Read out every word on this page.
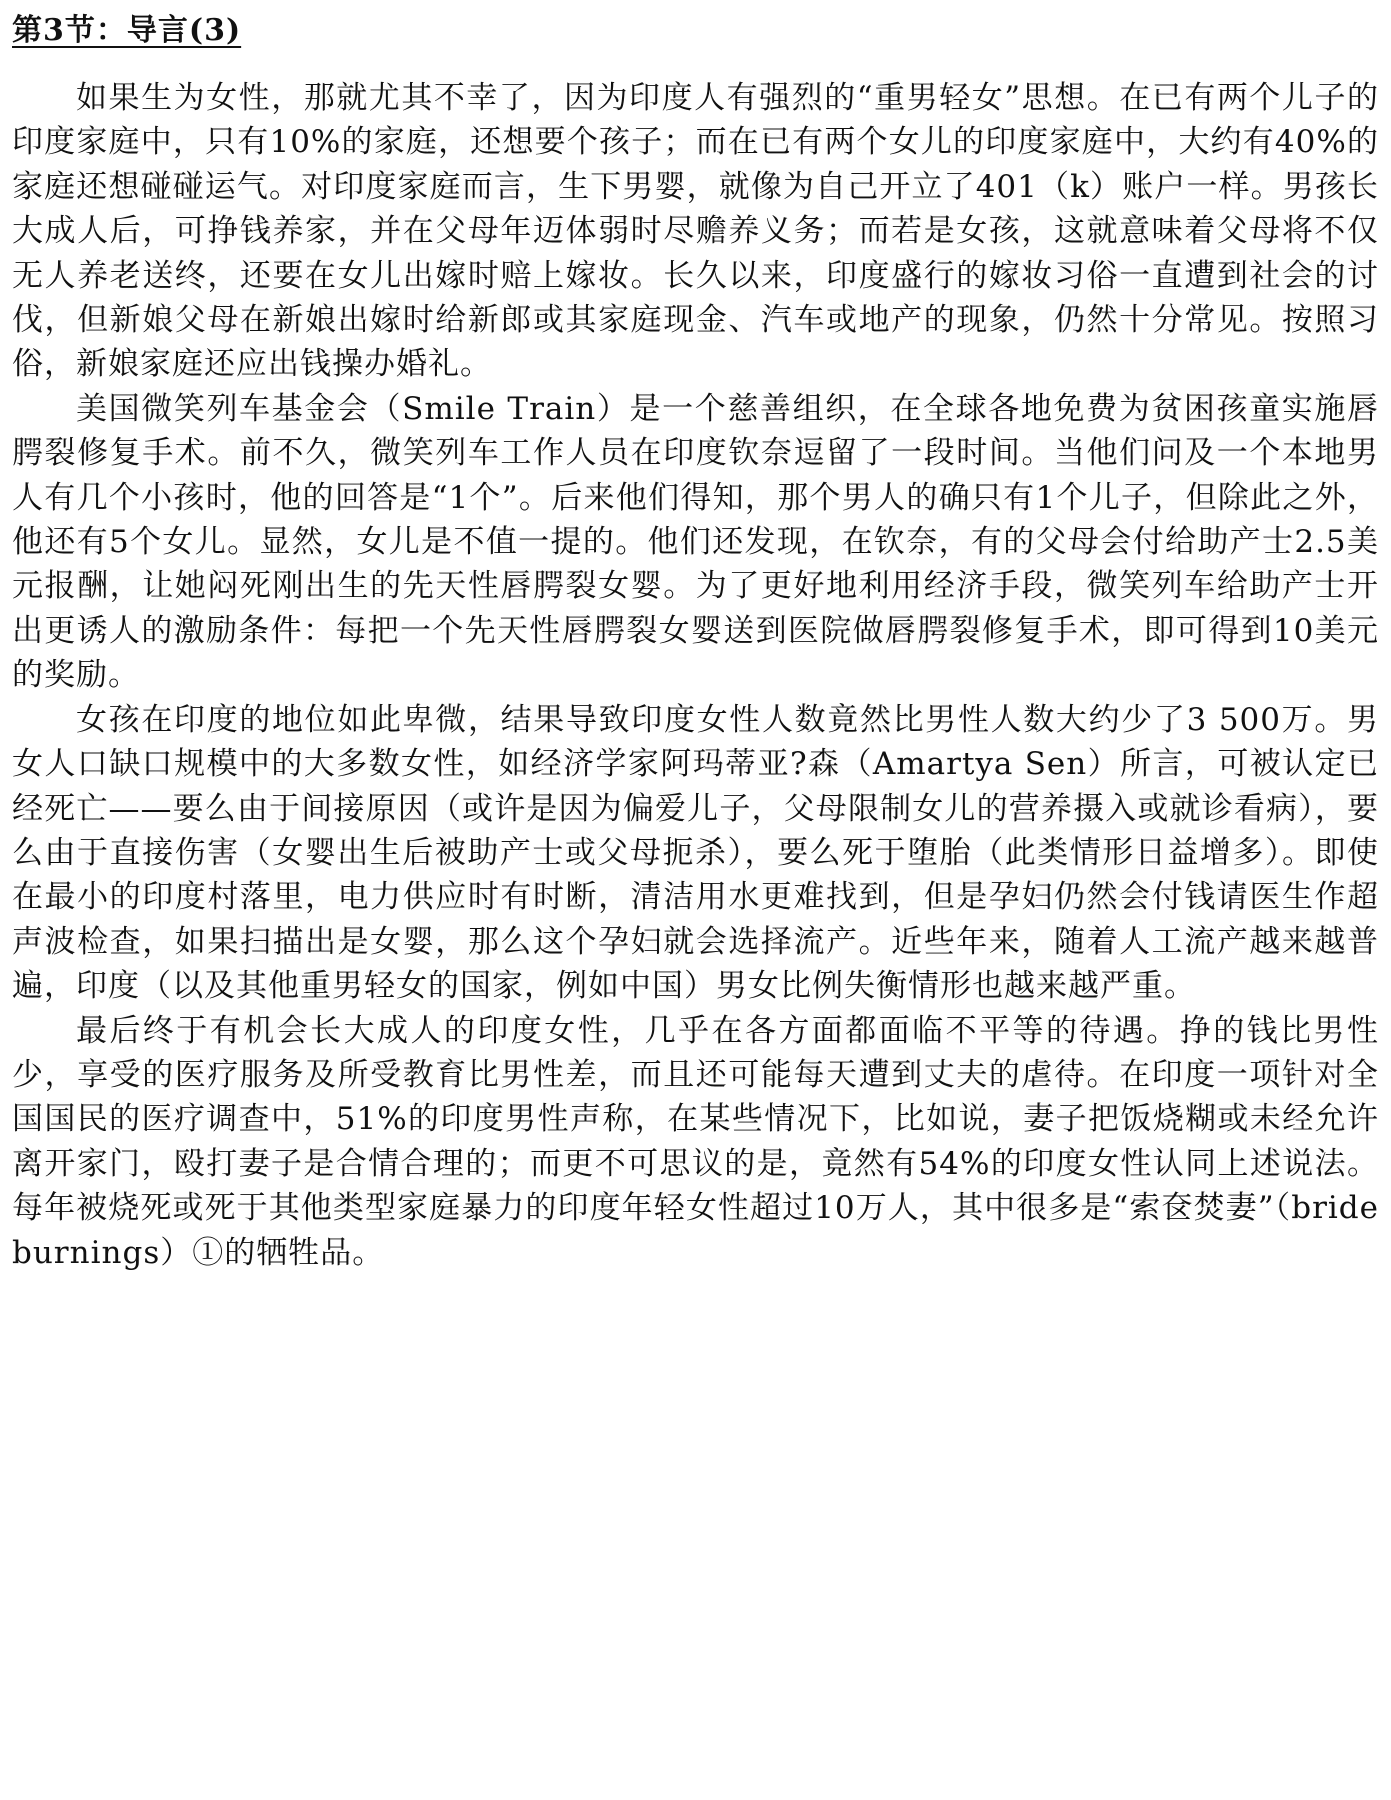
第3节：导言(3)

如果生为女性，那就尤其不幸了，因为印度人有强烈的“重男轻女”思想。在已有两个儿子的印度家庭中，只有10%的家庭，还想要个孩子；而在已有两个女儿的印度家庭中，大约有40%的家庭还想碰碰运气。对印度家庭而言，生下男婴，就像为自己开立了401（k）账户一样。男孩长大成人后，可挣钱养家，并在父母年迈体弱时尽赡养义务；而若是女孩，这就意味着父母将不仅无人养老送终，还要在女儿出嫁时赔上嫁妆。长久以来，印度盛行的嫁妆习俗一直遭到社会的讨伐，但新娘父母在新娘出嫁时给新郎或其家庭现金、汽车或地产的现象，仍然十分常见。按照习俗，新娘家庭还应出钱操办婚礼。

美国微笑列车基金会（Smile Train）是一个慈善组织，在全球各地免费为贫困孩童实施唇腭裂修复手术。前不久，微笑列车工作人员在印度钦奈逗留了一段时间。当他们问及一个本地男人有几个小孩时，他的回答是“1个”。后来他们得知，那个男人的确只有1个儿子，但除此之外，他还有5个女儿。显然，女儿是不值一提的。他们还发现，在钦奈，有的父母会付给助产士2.5美元报酬，让她闷死刚出生的先天性唇腭裂女婴。为了更好地利用经济手段，微笑列车给助产士开出更诱人的激励条件：每把一个先天性唇腭裂女婴送到医院做唇腭裂修复手术，即可得到10美元的奖励。

女孩在印度的地位如此卑微，结果导致印度女性人数竟然比男性人数大约少了3 500万。男女人口缺口规模中的大多数女性，如经济学家阿玛蒂亚?森（Amartya Sen）所言，可被认定已经死亡——要么由于间接原因（或许是因为偏爱儿子，父母限制女儿的营养摄入或就诊看病），要么由于直接伤害（女婴出生后被助产士或父母扼杀），要么死于堕胎（此类情形日益增多）。即使在最小的印度村落里，电力供应时有时断，清洁用水更难找到，但是孕妇仍然会付钱请医生作超声波检查，如果扫描出是女婴，那么这个孕妇就会选择流产。近些年来，随着人工流产越来越普遍，印度（以及其他重男轻女的国家，例如中国）男女比例失衡情形也越来越严重。

最后终于有机会长大成人的印度女性，几乎在各方面都面临不平等的待遇。挣的钱比男性少，享受的医疗服务及所受教育比男性差，而且还可能每天遭到丈夫的虐待。在印度一项针对全国国民的医疗调查中，51%的印度男性声称，在某些情况下，比如说，妻子把饭烧糊或未经允许离开家门，殴打妻子是合情合理的；而更不可思议的是，竟然有54%的印度女性认同上述说法。每年被烧死或死于其他类型家庭暴力的印度年轻女性超过10万人，其中很多是“索奁焚妻”（bride burnings）①的牺牲品。
